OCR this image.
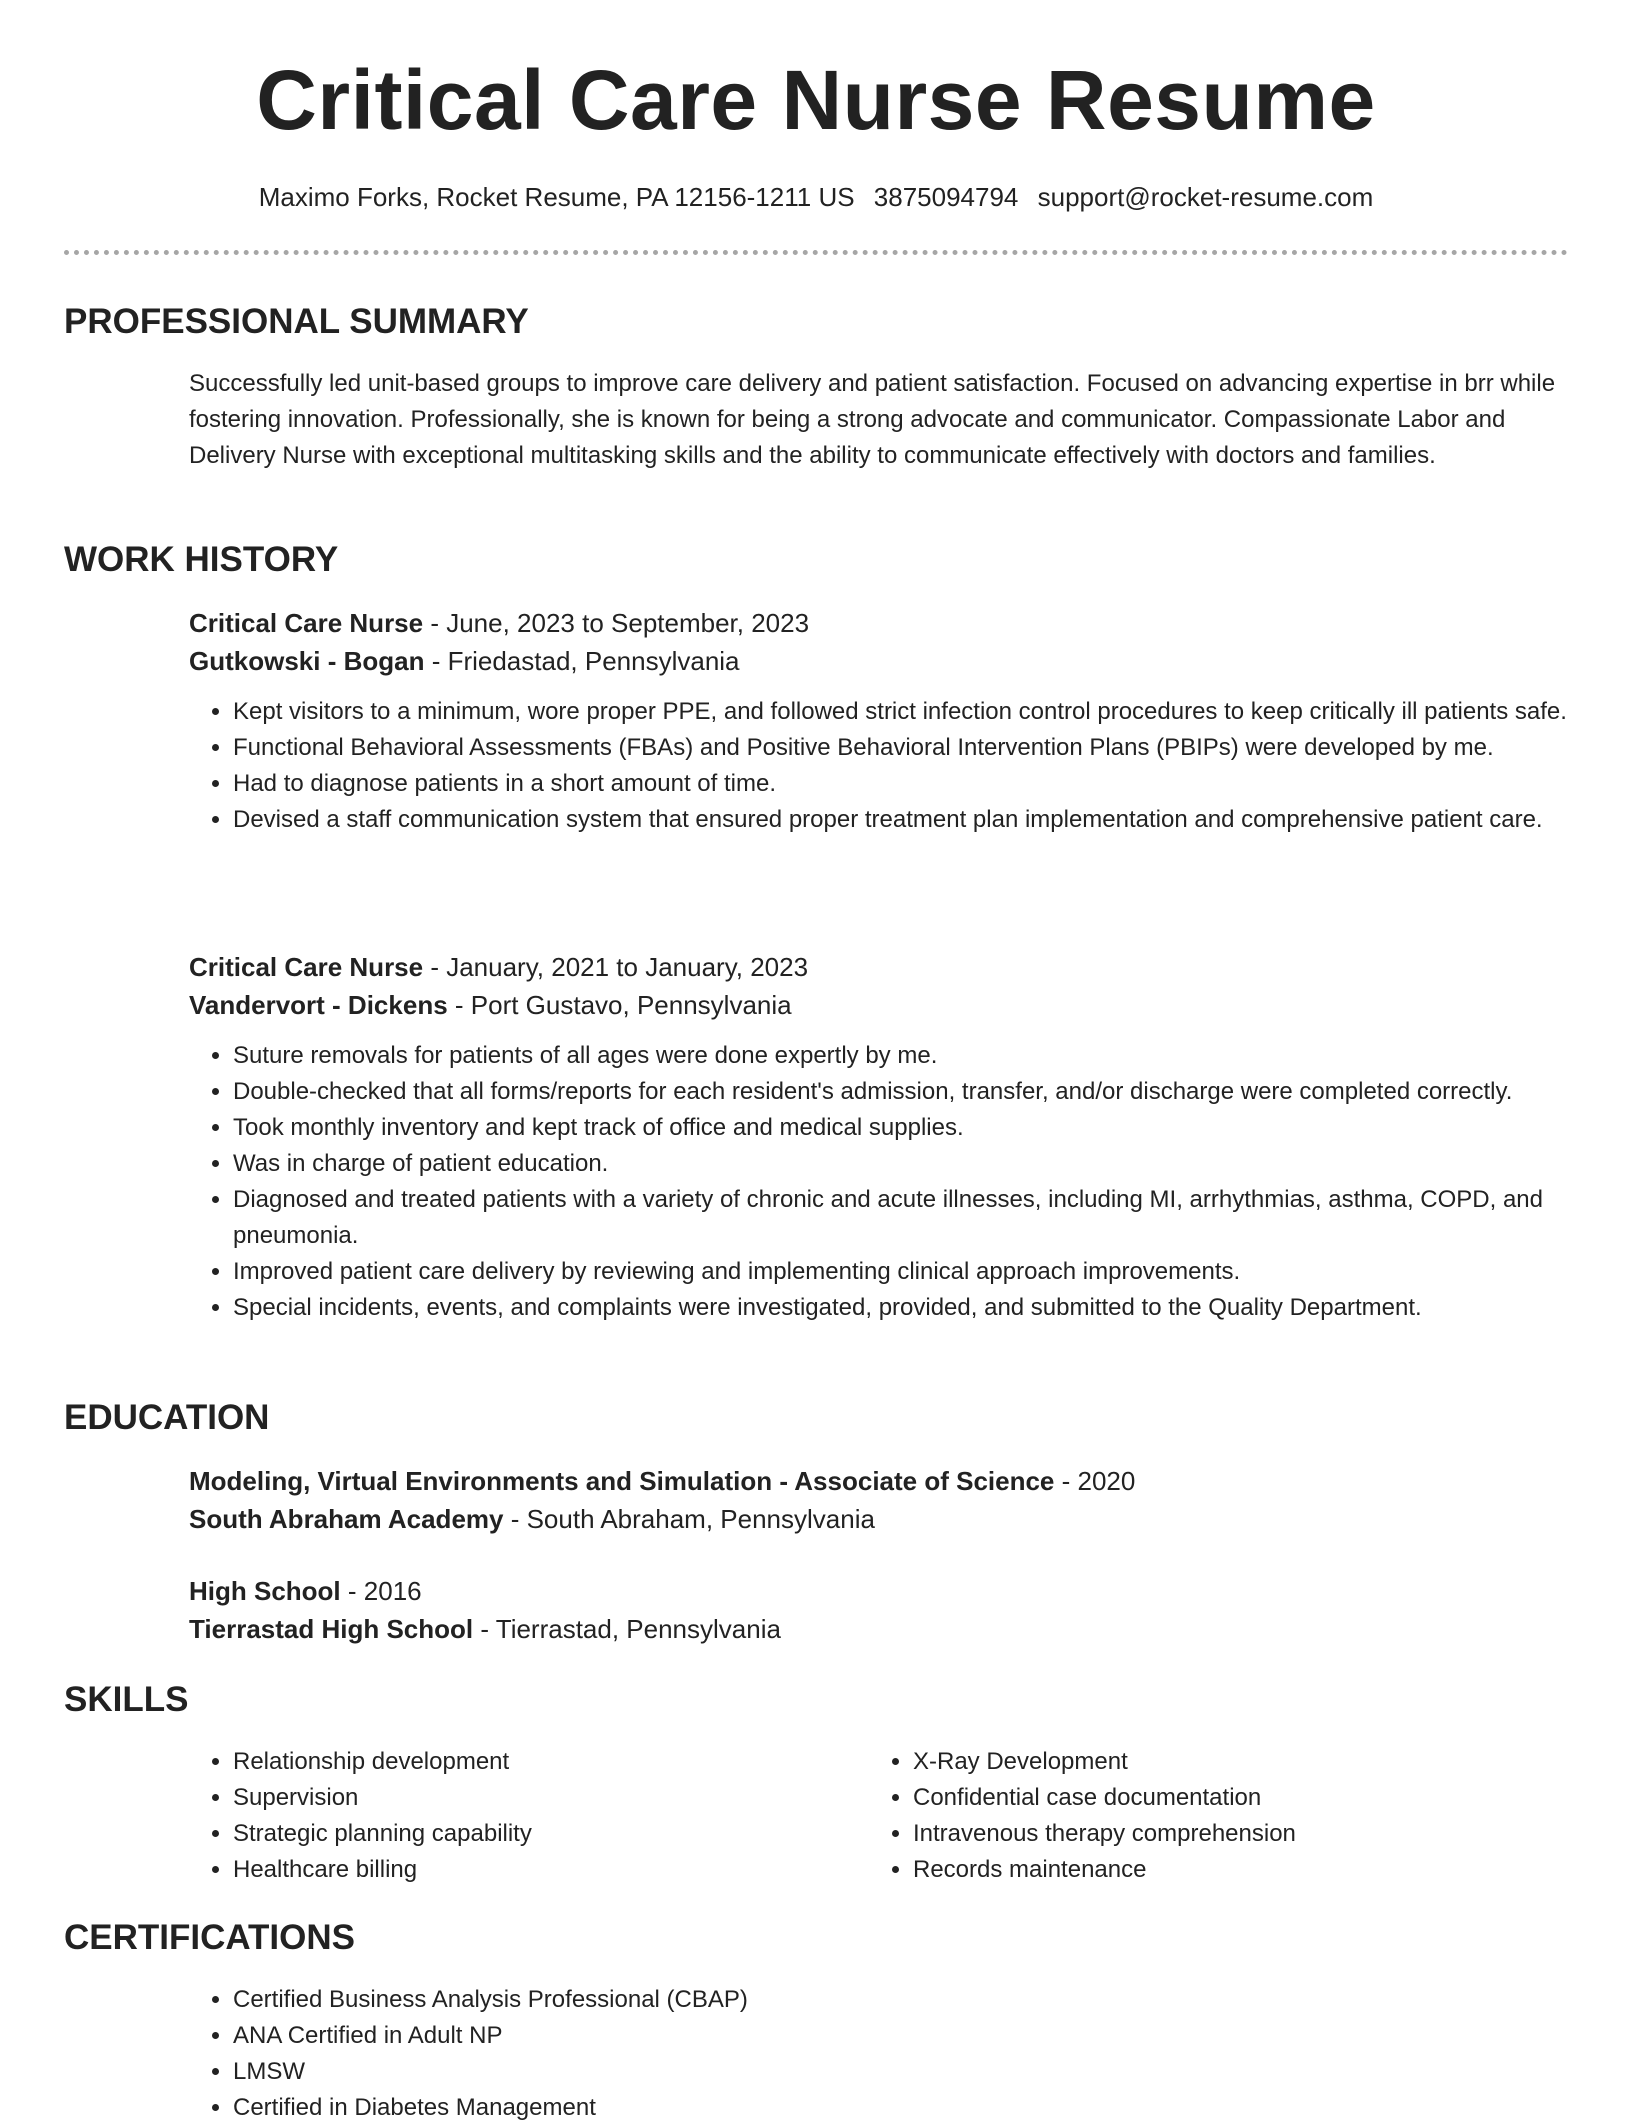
Critical Care Nurse Resume
Maximo Forks, Rocket Resume, PA 12156-1211 US 3875094794 support@rocket-resume.com
PROFESSIONAL SUMMARY
Successfully led unit-based groups to improve care delivery and patient satisfaction. Focused on advancing expertise in brr while fostering innovation. Professionally, she is known for being a strong advocate and communicator. Compassionate Labor and Delivery Nurse with exceptional multitasking skills and the ability to communicate effectively with doctors and families.
WORK HISTORY
Critical Care Nurse - June, 2023 to September, 2023
Gutkowski - Bogan - Friedastad, Pennsylvania
• Kept visitors to a minimum, wore proper PPE, and followed strict infection control procedures to keep critically ill patients safe.
• Functional Behavioral Assessments (FBAs) and Positive Behavioral Intervention Plans (PBIPs) were developed by me.
• Had to diagnose patients in a short amount of time.
• Devised a staff communication system that ensured proper treatment plan implementation and comprehensive patient care.
Critical Care Nurse - January, 2021 to January, 2023
Vandervort - Dickens - Port Gustavo, Pennsylvania
• Suture removals for patients of all ages were done expertly by me.
• Double-checked that all forms/reports for each resident's admission, transfer, and/or discharge were completed correctly.
• Took monthly inventory and kept track of office and medical supplies.
• Was in charge of patient education.
• Diagnosed and treated patients with a variety of chronic and acute illnesses, including MI, arrhythmias, asthma, COPD, and pneumonia.
• Improved patient care delivery by reviewing and implementing clinical approach improvements.
• Special incidents, events, and complaints were investigated, provided, and submitted to the Quality Department.
EDUCATION
Modeling, Virtual Environments and Simulation - Associate of Science - 2020
South Abraham Academy - South Abraham, Pennsylvania
High School - 2016
Tierrastad High School - Tierrastad, Pennsylvania
SKILLS
• Relationship development
• Supervision
• Strategic planning capability
• Healthcare billing
• X-Ray Development
• Confidential case documentation
• Intravenous therapy comprehension
• Records maintenance
CERTIFICATIONS
• Certified Business Analysis Professional (CBAP)
• ANA Certified in Adult NP
• LMSW
• Certified in Diabetes Management
